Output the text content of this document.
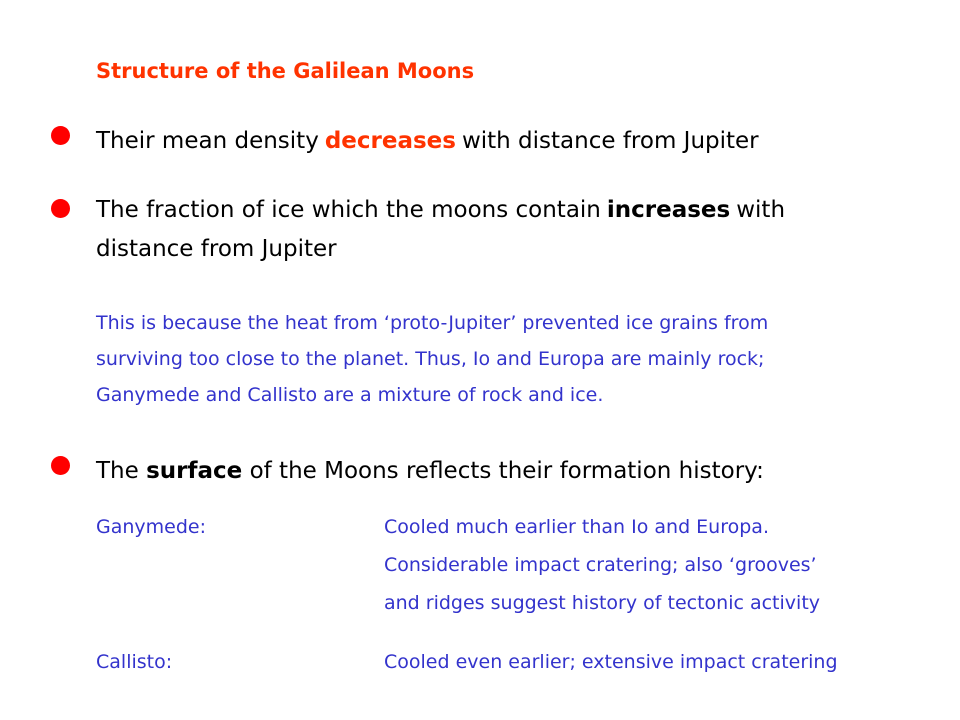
Structure of the Galilean Moons
Their mean density decreases with distance from Jupiter
The fraction of ice which the moons contain increases with
distance from Jupiter
This is because the heat from ‘proto-Jupiter’ prevented ice grains from
surviving too close to the planet. Thus, Io and Europa are mainly rock;
Ganymede and Callisto are a mixture of rock and ice.
The surface of the Moons reflects their formation history:
Ganymede:	Cooled much earlier than Io and Europa.
Considerable impact cratering; also ‘grooves’
and ridges suggest history of tectonic activity
Callisto:	Cooled even earlier; extensive impact cratering
